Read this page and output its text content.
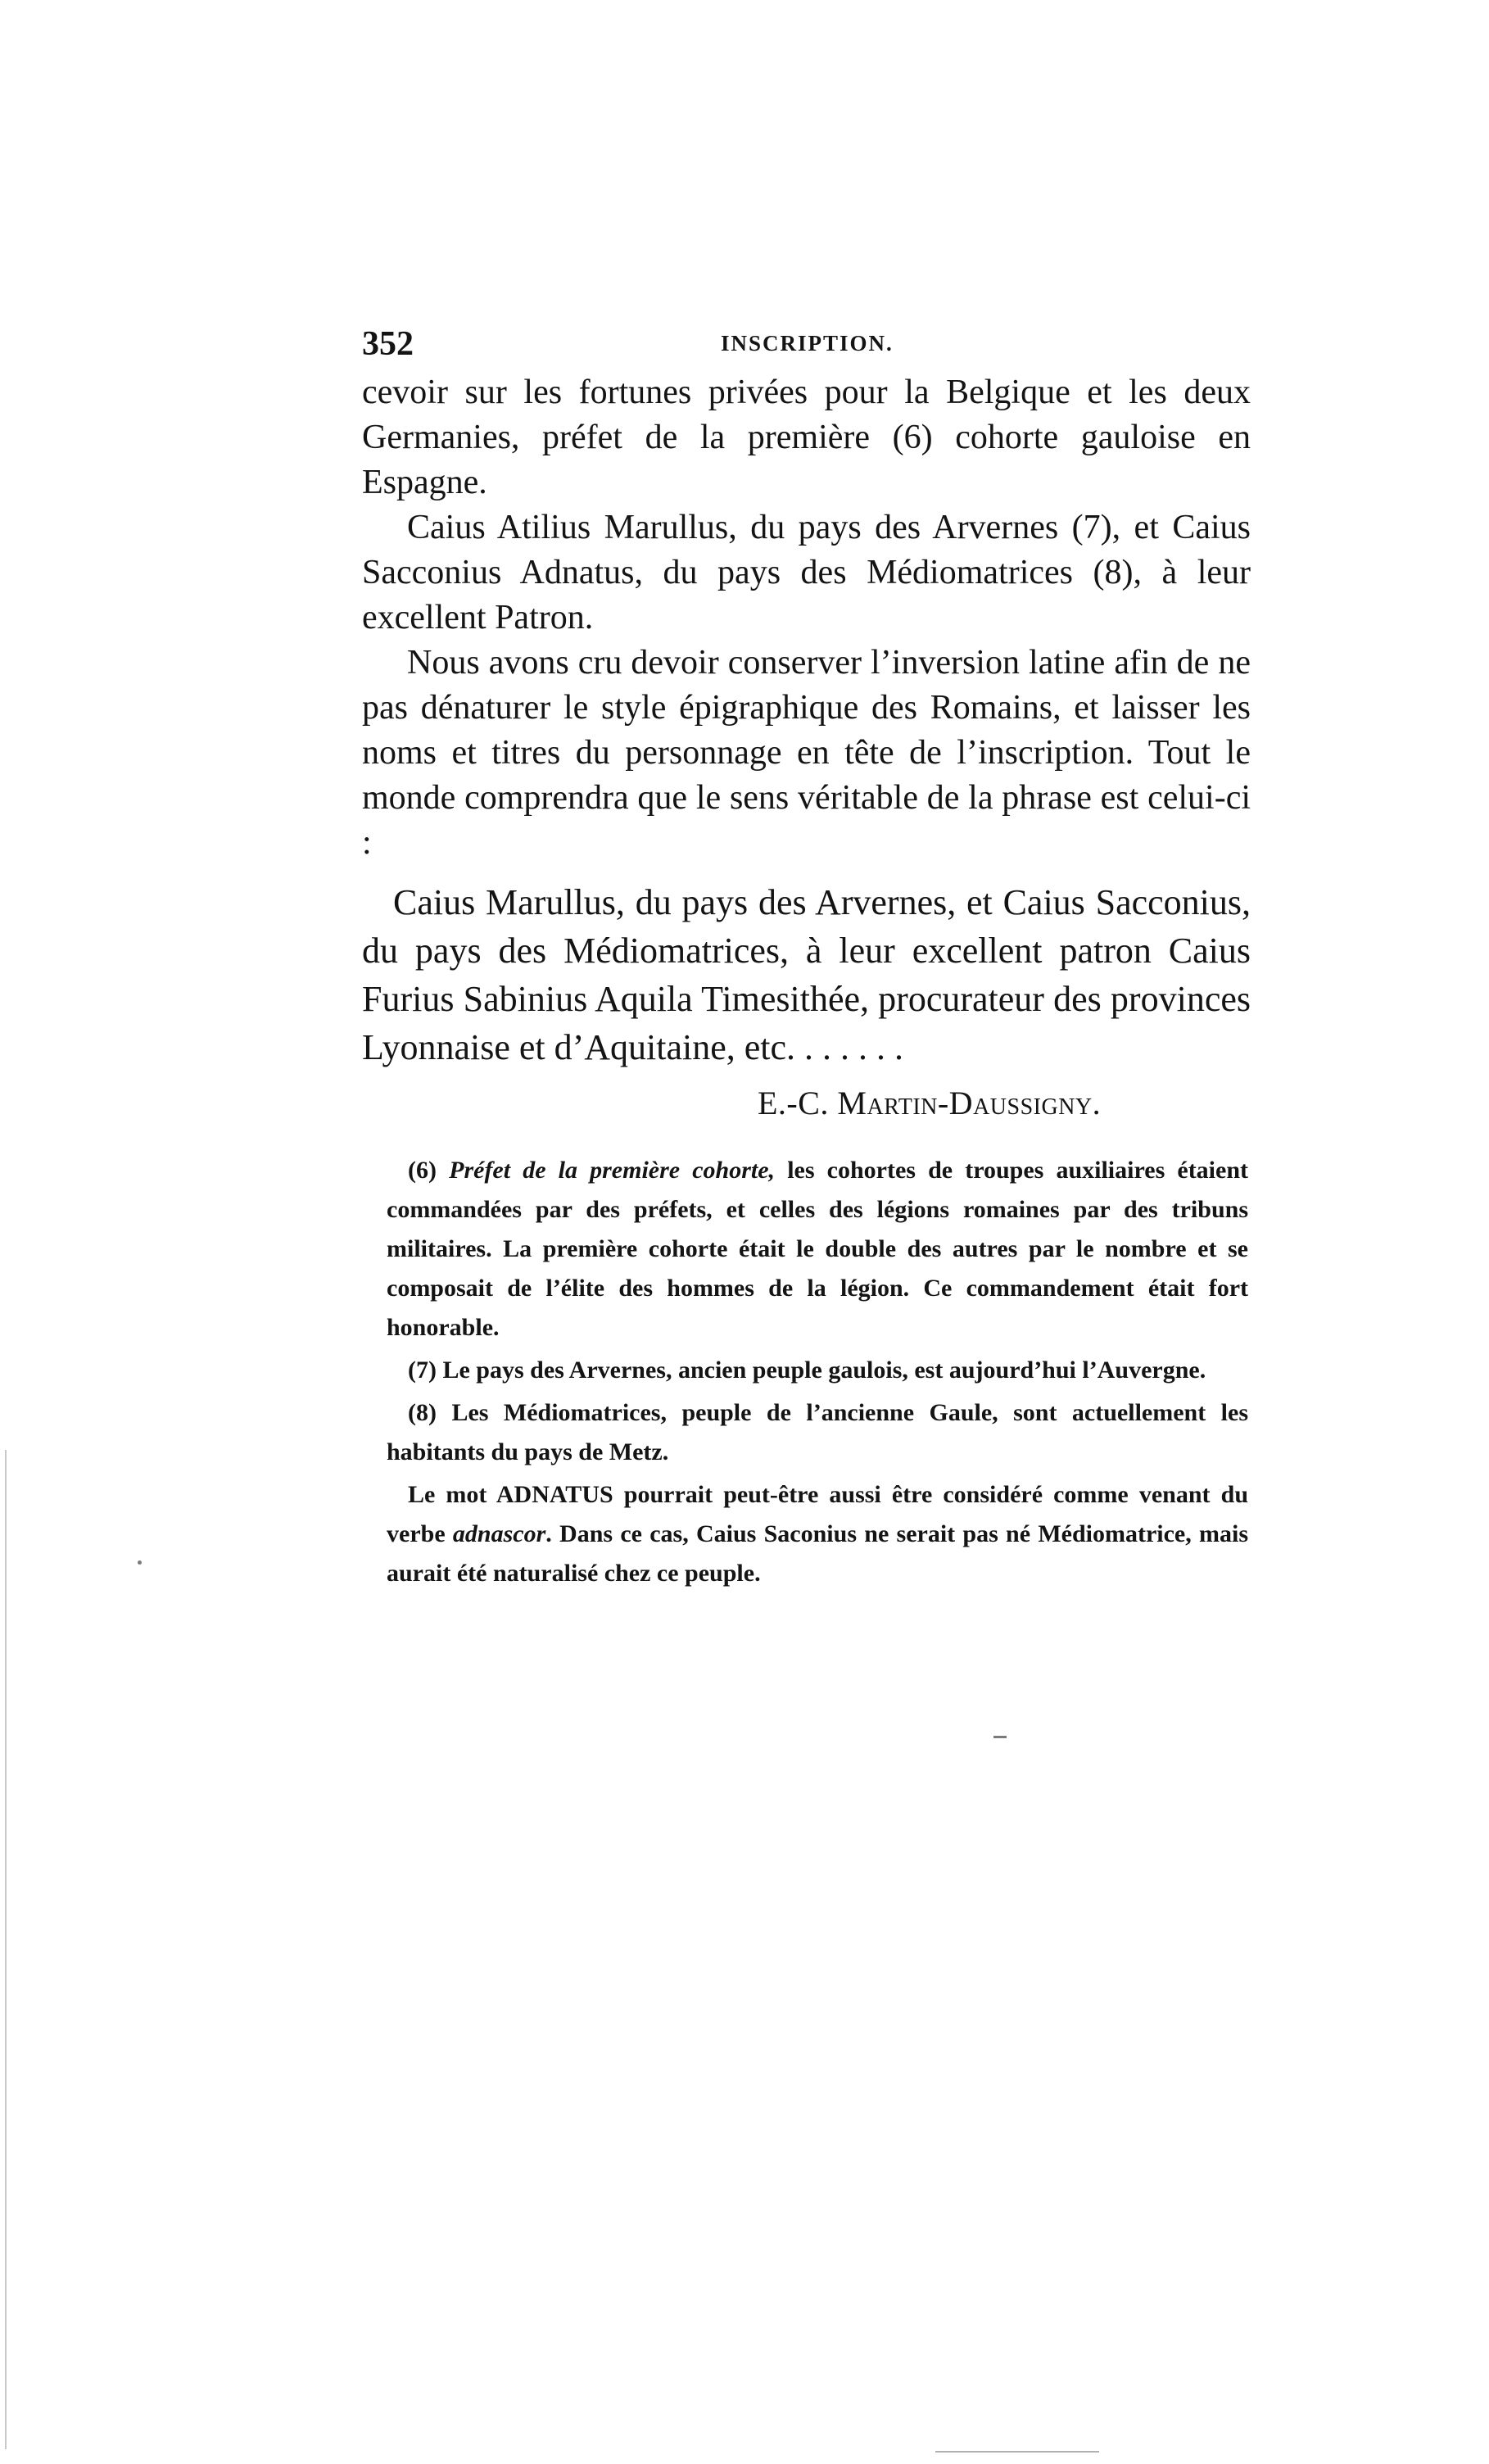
352	INSCRIPTION.

cevoir sur les fortunes privées pour la Belgique et les deux Germanies, préfet de la première (6) cohorte gauloise en Espagne.

Caius Atilius Marullus, du pays des Arvernes (7), et Caius Sacconius Adnatus, du pays des Médiomatrices (8), à leur excellent Patron.

Nous avons cru devoir conserver l’inversion latine afin de ne pas dénaturer le style épigraphique des Romains, et laisser les noms et titres du personnage en tête de l’inscription. Tout le monde comprendra que le sens véritable de la phrase est celui-ci :

Caius Marullus, du pays des Arvernes, et Caius Sacconius, du pays des Médiomatrices, à leur excellent patron Caius Furius Sabinius Aquila Timesithée, procurateur des provinces Lyonnaise et d’Aquitaine, etc. . . . . . .

E.-C. Martin-Daussigny.

(6) Préfet de la première cohorte, les cohortes de troupes auxiliaires étaient commandées par des préfets, et celles des légions romaines par des tribuns militaires. La première cohorte était le double des autres par le nombre et se composait de l’élite des hommes de la légion. Ce commandement était fort honorable.

(7) Le pays des Arvernes, ancien peuple gaulois, est aujourd’hui l’Auvergne.

(8) Les Médiomatrices, peuple de l’ancienne Gaule, sont actuellement les habitants du pays de Metz.

Le mot ADNATUS pourrait peut-être aussi être considéré comme venant du verbe adnascor. Dans ce cas, Caius Saconius ne serait pas né Médiomatrice, mais aurait été naturalisé chez ce peuple.
